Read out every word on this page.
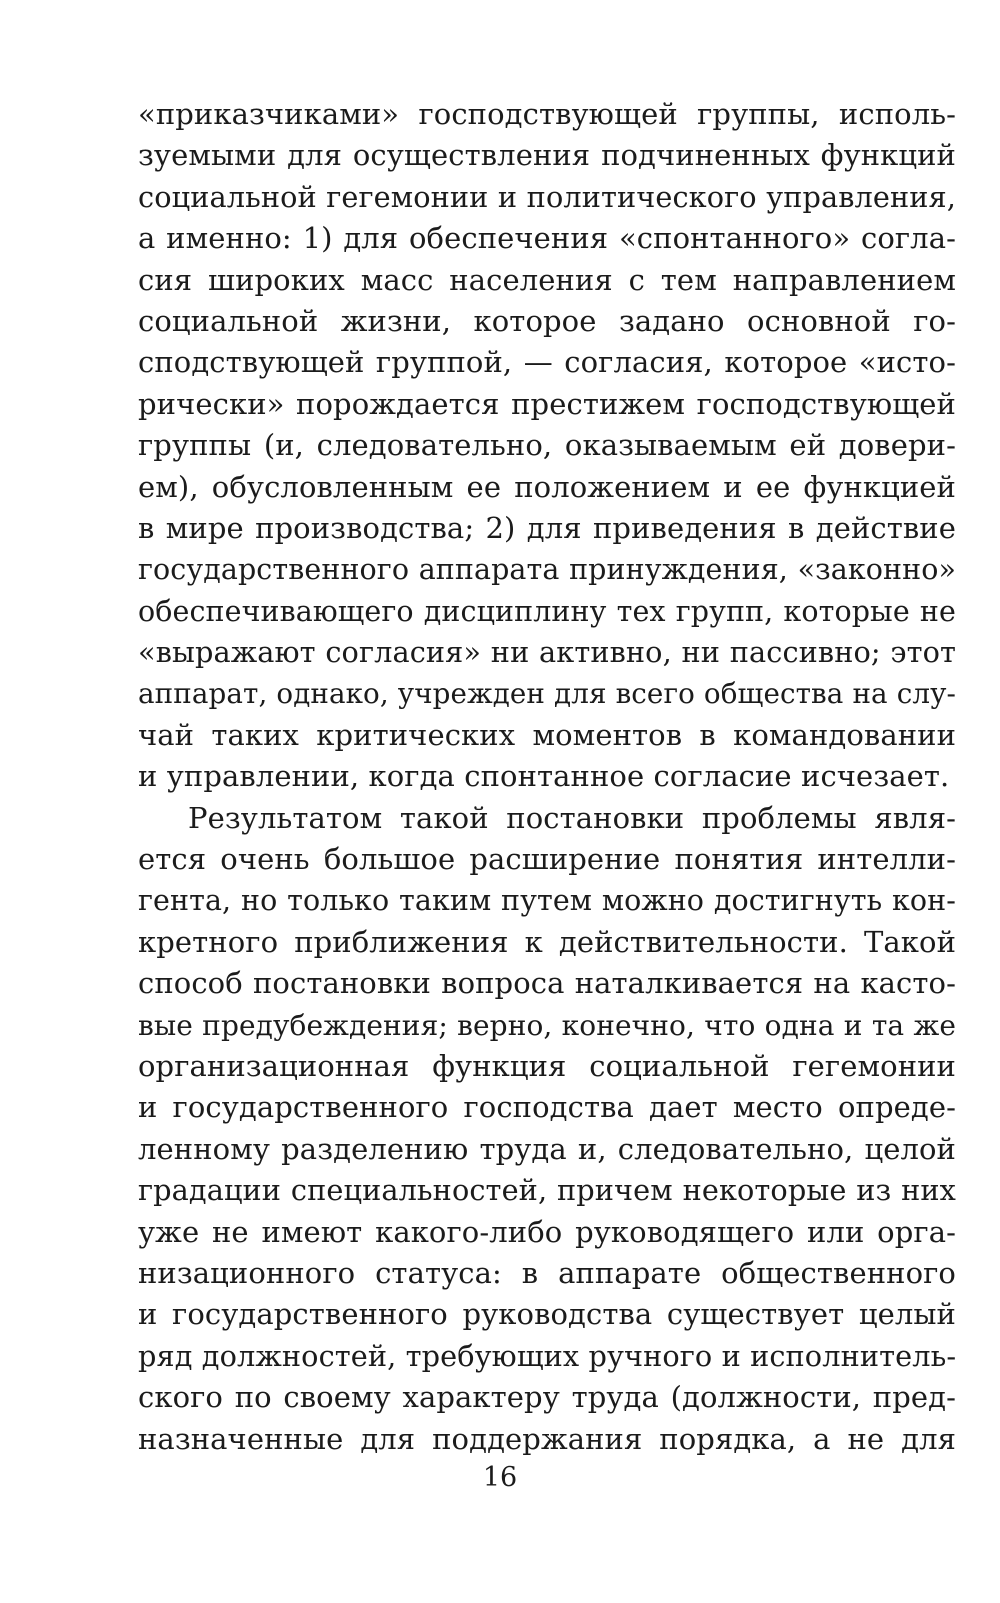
«приказчиками» господствующей группы, исполь-
зуемыми для осуществления подчиненных функций
социальной гегемонии и политического управления,
а именно: 1) для обеспечения «спонтанного» согла-
сия широких масс населения с тем направлением
социальной жизни, которое задано основной го-
сподствующей группой, — согласия, которое «исто-
рически» порождается престижем господствующей
группы (и, следовательно, оказываемым ей довери-
ем), обусловленным ее положением и ее функцией
в мире производства; 2) для приведения в действие
государственного аппарата принуждения, «законно»
обеспечивающего дисциплину тех групп, которые не
«выражают согласия» ни активно, ни пассивно; этот
аппарат, однако, учрежден для всего общества на слу-
чай таких критических моментов в командовании
и управлении, когда спонтанное согласие исчезает.
Результатом такой постановки проблемы явля-
ется очень большое расширение понятия интелли-
гента, но только таким путем можно достигнуть кон-
кретного приближения к действительности. Такой
способ постановки вопроса наталкивается на касто-
вые предубеждения; верно, конечно, что одна и та же
организационная функция социальной гегемонии
и государственного господства дает место опреде-
ленному разделению труда и, следовательно, целой
градации специальностей, причем некоторые из них
уже не имеют какого-либо руководящего или орга-
низационного статуса: в аппарате общественного
и государственного руководства существует целый
ряд должностей, требующих ручного и исполнитель-
ского по своему характеру труда (должности, пред-
назначенные для поддержания порядка, а не для
16
